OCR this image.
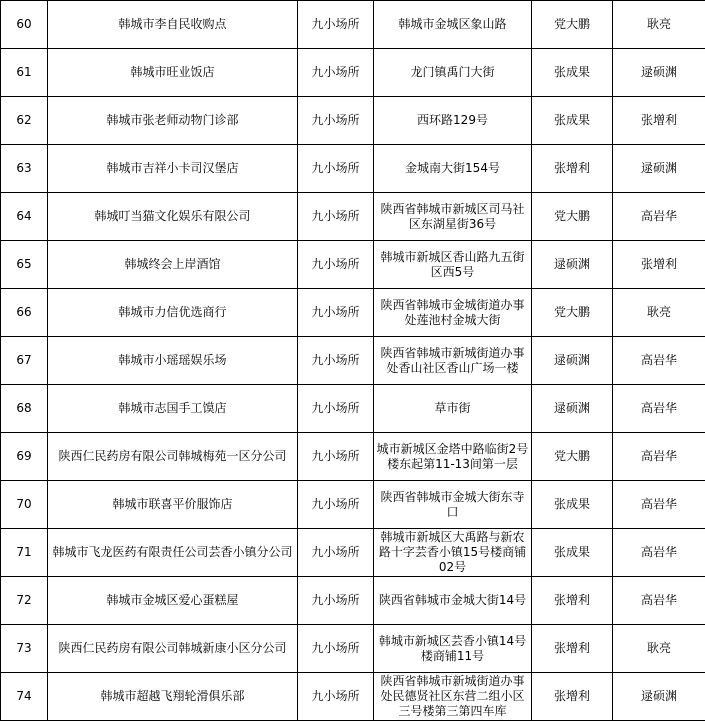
60	韩城市李自民收购点	九小场所	韩城市金城区象山路	党大鹏	耿亮
61	韩城市旺业饭店	九小场所	龙门镇禹门大街	张成果	逯硕渊
62	韩城市张老师动物门诊部	九小场所	西环路129号	张成果	张增利
63	韩城市吉祥小卡司汉堡店	九小场所	金城南大街154号	张增利	逯硕渊
64	韩城叮当猫文化娱乐有限公司	九小场所	陕西省韩城市新城区司马社区东湖星街36号	党大鹏	高岩华
65	韩城终会上岸酒馆	九小场所	韩城市新城区香山路九五街区西5号	逯硕渊	张增利
66	韩城市力信优选商行	九小场所	陕西省韩城市金城街道办事处莲池村金城大街	党大鹏	耿亮
67	韩城市小瑶瑶娱乐场	九小场所	陕西省韩城市新城街道办事处香山社区香山广场一楼	逯硕渊	高岩华
68	韩城市志国手工馍店	九小场所	草市街	逯硕渊	高岩华
69	陕西仁民药房有限公司韩城梅苑一区分公司	九小场所	城市新城区金塔中路临街2号楼东起第11-13间第一层	党大鹏	高岩华
70	韩城市联喜平价服饰店	九小场所	陕西省韩城市金城大街东寺口	张成果	高岩华
71	韩城市飞龙医药有限责任公司芸香小镇分公司	九小场所	韩城市新城区大禹路与新农路十字芸香小镇15号楼商铺02号	张成果	高岩华
72	韩城市金城区爱心蛋糕屋	九小场所	陕西省韩城市金城大街14号	张增利	高岩华
73	陕西仁民药房有限公司韩城新康小区分公司	九小场所	韩城市新城区芸香小镇14号楼商铺11号	张增利	耿亮
74	韩城市超越飞翔轮滑俱乐部	九小场所	陕西省韩城市新城街道办事处民德贤社区东营二组小区三号楼第三第四车库	张增利	逯硕渊
